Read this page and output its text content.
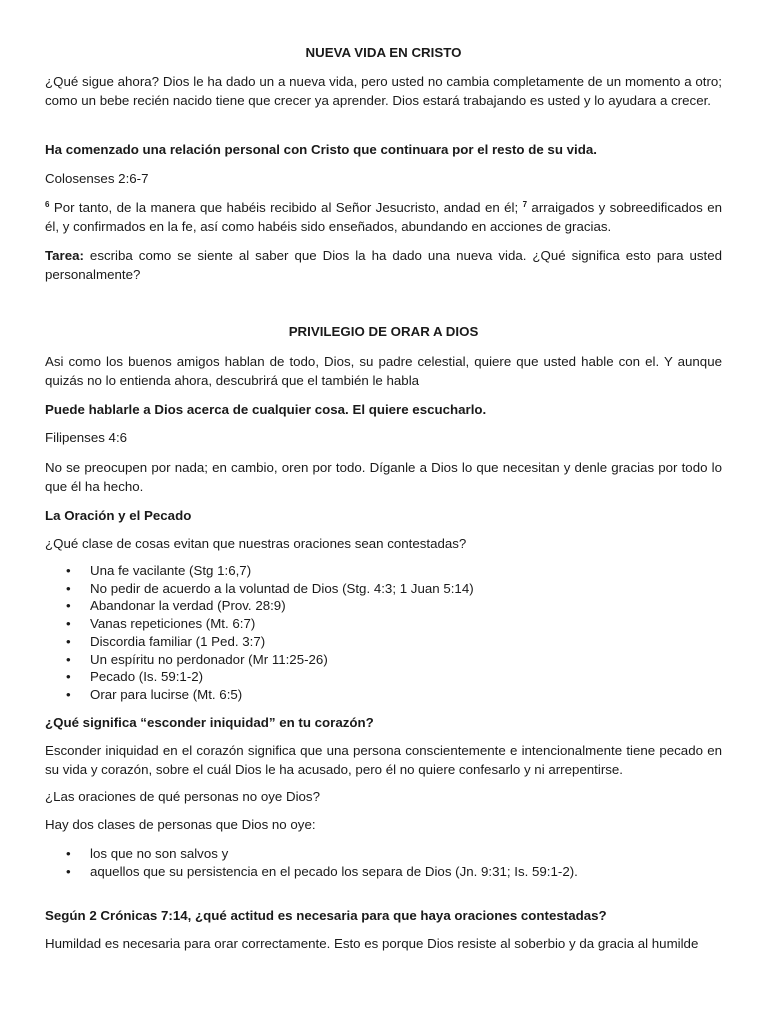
NUEVA VIDA EN CRISTO

¿Qué sigue ahora? Dios le ha dado un a nueva vida, pero usted no cambia completamente de un momento a otro; como un bebe recién nacido tiene que crecer ya aprender. Dios estará trabajando es usted y lo ayudara a crecer.

Ha comenzado una relación personal con Cristo que continuara por el resto de su vida.

Colosenses 2:6-7

$^6$ Por tanto, de la manera que habéis recibido al Señor Jesucristo, andad en él; $^7$ arraigados y sobreedificados en él, y confirmados en la fe, así como habéis sido enseñados, abundando en acciones de gracias.

Tarea: escriba como se siente al saber que Dios la ha dado una nueva vida. ¿Qué significa esto para usted personalmente?

PRIVILEGIO DE ORAR A DIOS

Asi como los buenos amigos hablan de todo, Dios, su padre celestial, quiere que usted hable con el. Y aunque quizás no lo entienda ahora, descubrirá que el también le habla

Puede hablarle a Dios acerca de cualquier cosa. El quiere escucharlo.

Filipenses 4:6

No se preocupen por nada; en cambio, oren por todo. Díganle a Dios lo que necesitan y denle gracias por todo lo que él ha hecho.

La Oración y el Pecado

¿Qué clase de cosas evitan que nuestras oraciones sean contestadas?

• Una fe vacilante (Stg 1:6,7)
• No pedir de acuerdo a la voluntad de Dios (Stg. 4:3; 1 Juan 5:14)
• Abandonar la verdad (Prov. 28:9)
• Vanas repeticiones (Mt. 6:7)
• Discordia familiar (1 Ped. 3:7)
• Un espíritu no perdonador (Mr 11:25-26)
• Pecado (Is. 59:1-2)
• Orar para lucirse (Mt. 6:5)

¿Qué significa “esconder iniquidad” en tu corazón?

Esconder iniquidad en el corazón significa que una persona conscientemente e intencionalmente tiene pecado en su vida y corazón, sobre el cuál Dios le ha acusado, pero él no quiere confesarlo y ni arrepentirse.

¿Las oraciones de qué personas no oye Dios?

Hay dos clases de personas que Dios no oye:

• los que no son salvos y
• aquellos que su persistencia en el pecado los separa de Dios (Jn. 9:31; Is. 59:1-2).

Según 2 Crónicas 7:14, ¿qué actitud es necesaria para que haya oraciones contestadas?

Humildad es necesaria para orar correctamente. Esto es porque Dios resiste al soberbio y da gracia al humilde
